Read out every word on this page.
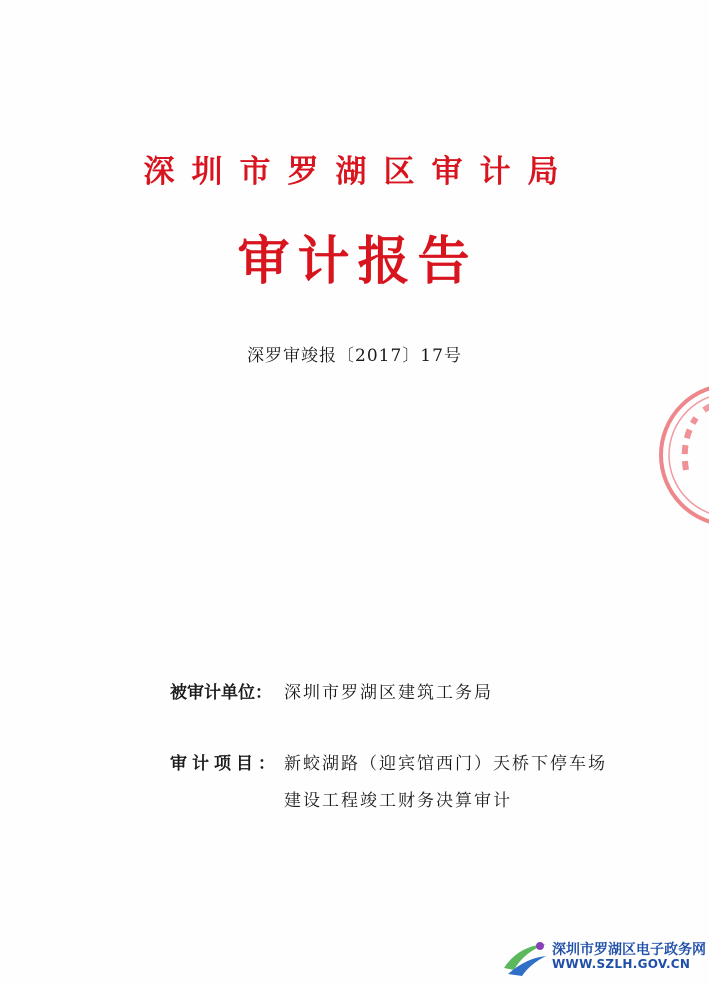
深圳市罗湖区审计局
审计报告
深罗审竣报〔2017〕17号
被审计单位： 深圳市罗湖区建筑工务局
审计项目： 新蛟湖路（迎宾馆西门）天桥下停车场
建设工程竣工财务决算审计
深圳市罗湖区电子政务网
WWW.SZLH.GOV.CN
